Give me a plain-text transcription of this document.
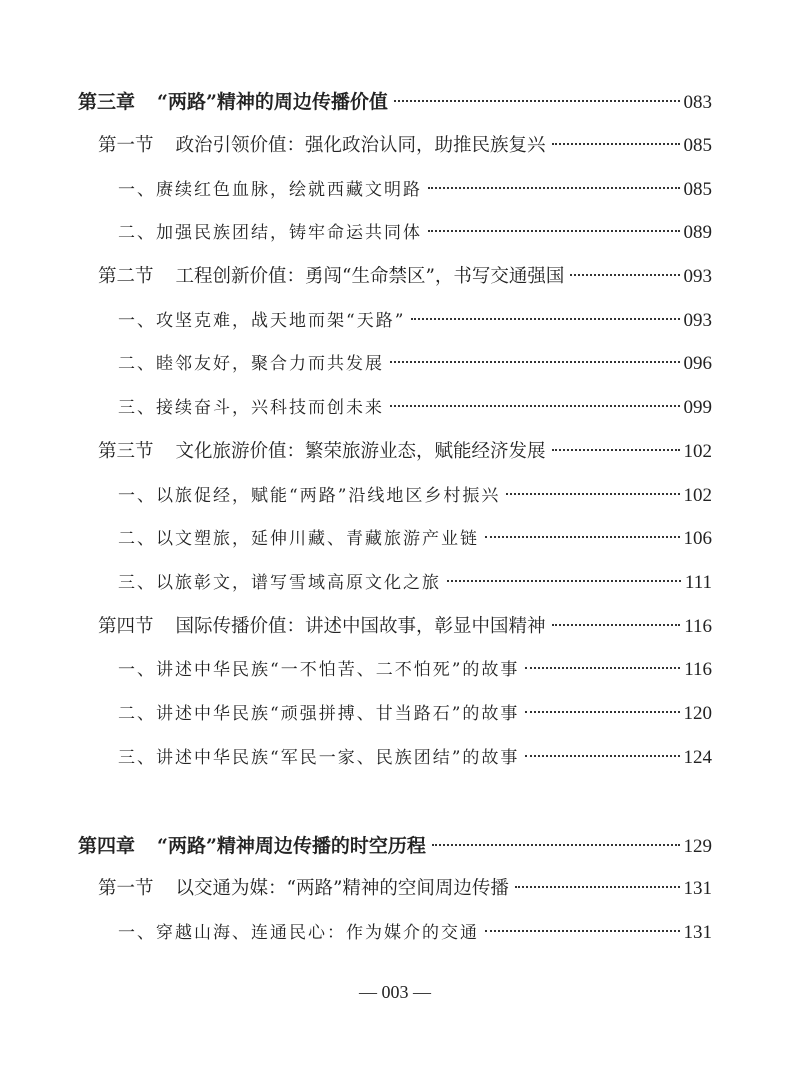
第三章 “两路”精神的周边传播价值	083
第一节 政治引领价值：强化政治认同，助推民族复兴	085
一、赓续红色血脉，绘就西藏文明路	085
二、加强民族团结，铸牢命运共同体	089
第二节 工程创新价值：勇闯“生命禁区”，书写交通强国	093
一、攻坚克难，战天地而架“天路”	093
二、睦邻友好，聚合力而共发展	096
三、接续奋斗，兴科技而创未来	099
第三节 文化旅游价值：繁荣旅游业态，赋能经济发展	102
一、以旅促经，赋能“两路”沿线地区乡村振兴	102
二、以文塑旅，延伸川藏、青藏旅游产业链	106
三、以旅彰文，谱写雪域高原文化之旅	111
第四节 国际传播价值：讲述中国故事，彰显中国精神	116
一、讲述中华民族“一不怕苦、二不怕死”的故事	116
二、讲述中华民族“顽强拼搏、甘当路石”的故事	120
三、讲述中华民族“军民一家、民族团结”的故事	124
第四章 “两路”精神周边传播的时空历程	129
第一节 以交通为媒：“两路”精神的空间周边传播	131
一、穿越山海、连通民心：作为媒介的交通	131
— 003 —
